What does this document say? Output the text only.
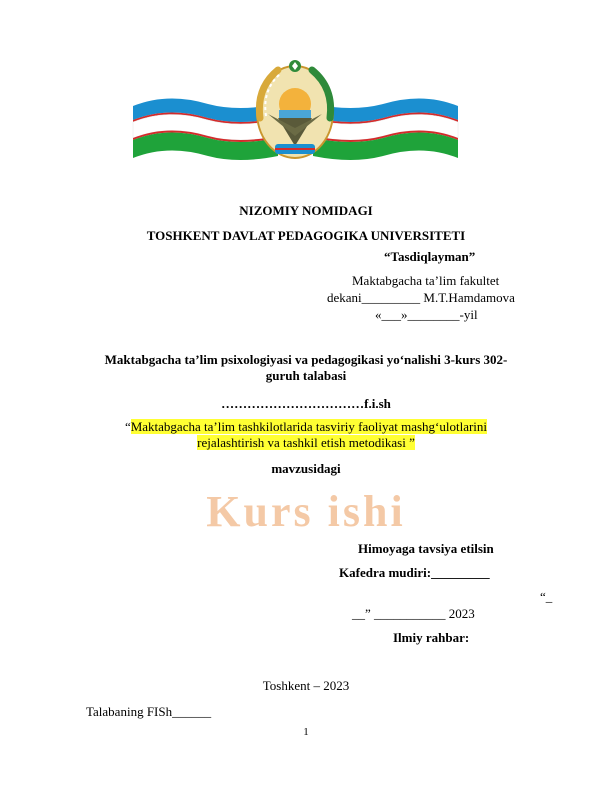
NIZOMIY NOMIDAGI
TOSHKENT DAVLAT PEDAGOGIKA UNIVERSITETI
“Tasdiqlayman”
Maktabgacha ta’lim fakultet
dekani_________ M.T.Hamdamova
«___»________-yil
Maktabgacha ta’lim psixologiyasi va pedagogikasi yo‘nalishi 3-kurs 302-
guruh talabasi
……………………………f.i.sh
“Maktabgacha ta’lim tashkilotlarida tasviriy faoliyat mashg‘ulotlarini
rejalashtirish va tashkil etish metodikasi ”
mavzusidagi
Kurs ishi
Himoyaga tavsiya etilsin
Kafedra mudiri:_________
“_
__” ___________ 2023
Ilmiy rahbar:
Toshkent – 2023
Talabaning FISh______
1
